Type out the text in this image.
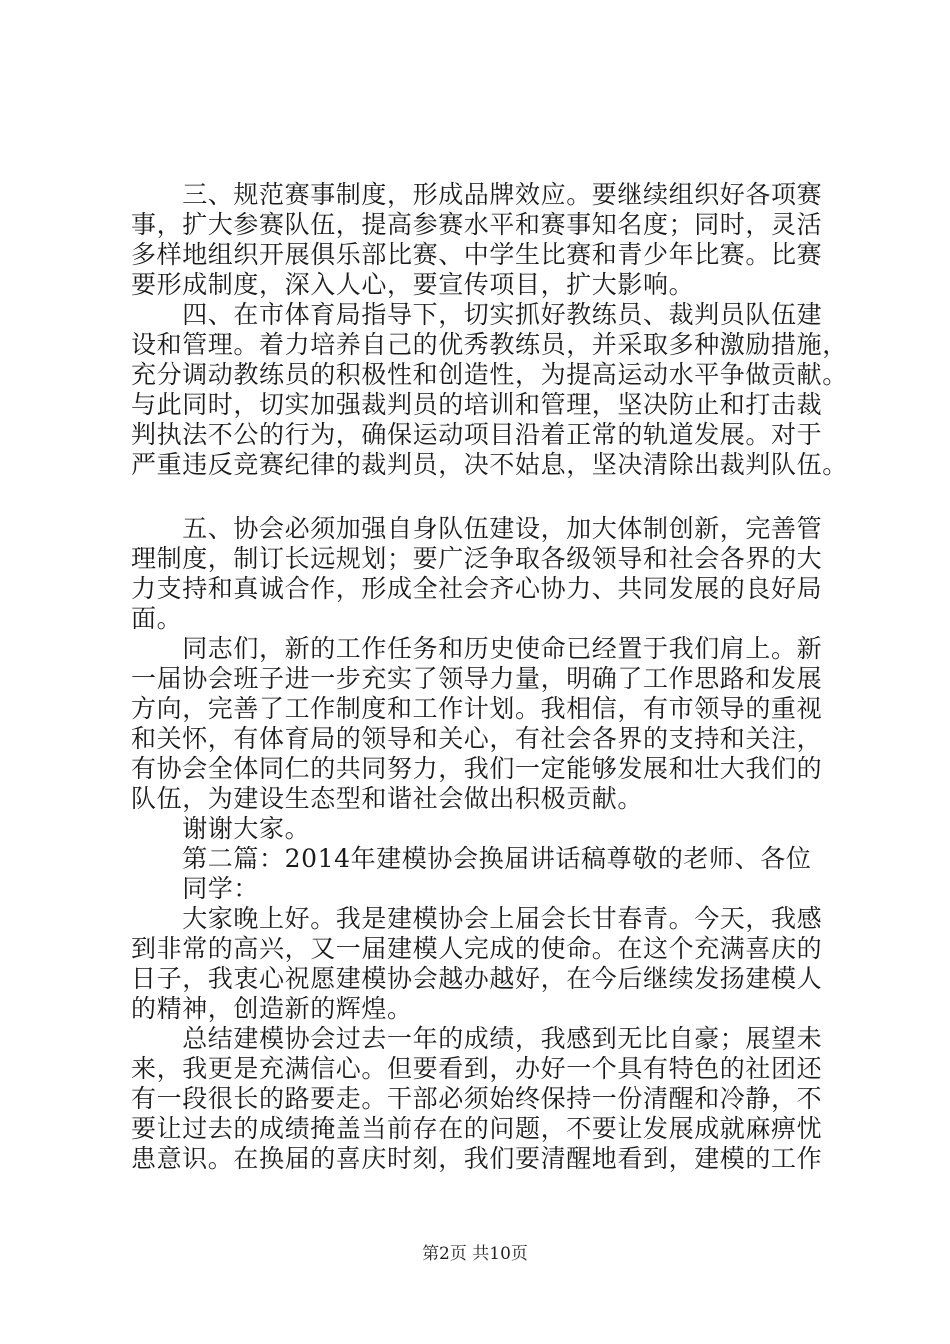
　　三、规范赛事制度，形成品牌效应。要继续组织好各项赛
事，扩大参赛队伍，提高参赛水平和赛事知名度；同时，灵活
多样地组织开展俱乐部比赛、中学生比赛和青少年比赛。比赛
要形成制度，深入人心，要宣传项目，扩大影响。
　　四、在市体育局指导下，切实抓好教练员、裁判员队伍建
设和管理。着力培养自己的优秀教练员，并采取多种激励措施，
充分调动教练员的积极性和创造性，为提高运动水平争做贡献。
与此同时，切实加强裁判员的培训和管理，坚决防止和打击裁
判执法不公的行为，确保运动项目沿着正常的轨道发展。对于
严重违反竞赛纪律的裁判员，决不姑息，坚决清除出裁判队伍。
　　五、协会必须加强自身队伍建设，加大体制创新，完善管
理制度，制订长远规划；要广泛争取各级领导和社会各界的大
力支持和真诚合作，形成全社会齐心协力、共同发展的良好局
面。
　　同志们，新的工作任务和历史使命已经置于我们肩上。新
一届协会班子进一步充实了领导力量，明确了工作思路和发展
方向，完善了工作制度和工作计划。我相信，有市领导的重视
和关怀，有体育局的领导和关心，有社会各界的支持和关注，
有协会全体同仁的共同努力，我们一定能够发展和壮大我们的
队伍，为建设生态型和谐社会做出积极贡献。
　　谢谢大家。
　　第二篇：2014年建模协会换届讲话稿尊敬的老师、各位
　　同学：
　　大家晚上好。我是建模协会上届会长甘春青。今天，我感
到非常的高兴，又一届建模人完成的使命。在这个充满喜庆的
日子，我衷心祝愿建模协会越办越好，在今后继续发扬建模人
的精神，创造新的辉煌。
　　总结建模协会过去一年的成绩，我感到无比自豪；展望未
来，我更是充满信心。但要看到，办好一个具有特色的社团还
有一段很长的路要走。干部必须始终保持一份清醒和冷静，不
要让过去的成绩掩盖当前存在的问题，不要让发展成就麻痹忧
患意识。在换届的喜庆时刻，我们要清醒地看到，建模的工作
第2页 共10页
